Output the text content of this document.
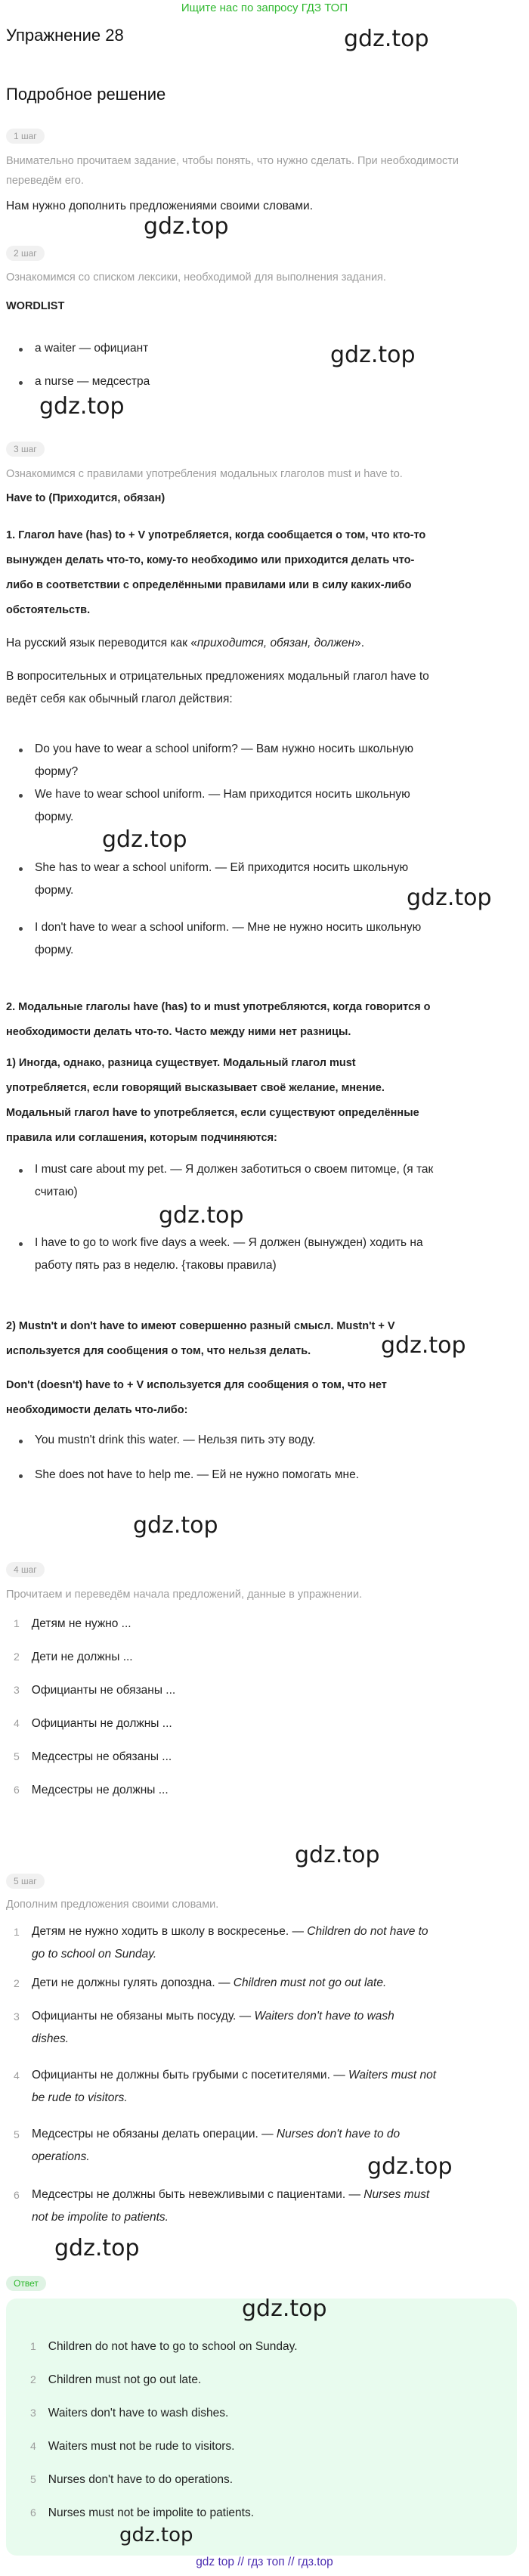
Ищите нас по запросу ГДЗ ТОП
Упражнение 28	gdz.top
Подробное решение
1 шаг
Внимательно прочитаем задание, чтобы понять, что нужно сделать. При необходимости
переведём его.
Нам нужно дополнить предложениями своими словами.
gdz.top
2 шаг
Ознакомимся со списком лексики, необходимой для выполнения задания.
WORDLIST
gdz.top
a waiter — официант
a nurse — медсестра
gdz.top
3 шаг
Ознакомимся с правилами употребления модальных глаголов must и have to.
Have to (Приходится, обязан)
1. Глагол have (has) to + V употребляется, когда сообщается о том, что кто-то
вынужден делать что-то, кому-то необходимо или приходится делать что-
либо в соответствии с определёнными правилами или в силу каких-либо
обстоятельств.
На русский язык переводится как «приходится, обязан, должен».
В вопросительных и отрицательных предложениях модальный глагол have to
ведёт себя как обычный глагол действия:
Do you have to wear a school uniform? — Вам нужно носить школьную
форму?
We have to wear school uniform. — Нам приходится носить школьную
форму.
gdz.top
She has to wear a school uniform. — Ей приходится носить школьную
форму.	gdz.top
I don't have to wear a school uniform. — Мне не нужно носить школьную
форму.
2. Модальные глаголы have (has) to и must употребляются, когда говорится о
необходимости делать что-то. Часто между ними нет разницы.
1) Иногда, однако, разница существует. Модальный глагол must
употребляется, если говорящий высказывает своё желание, мнение.
Модальный глагол have to употребляется, если существуют определённые
правила или соглашения, которым подчиняются:
I must care about my pet. — Я должен заботиться о своем питомце, (я так
считаю)
gdz.top
I have to go to work five days a week. — Я должен (вынужден) ходить на
работу пять раз в неделю. {таковы правила)
2) Mustn't и don't have to имеют совершенно разный смысл. Mustn't + V
используется для сообщения о том, что нельзя делать.	gdz.top
Don't (doesn't) have to + V используется для сообщения о том, что нет
необходимости делать что-либо:
You mustn't drink this water. — Нельзя пить эту воду.
She does not have to help me. — Ей не нужно помогать мне.
gdz.top
4 шаг
Прочитаем и переведём начала предложений, данные в упражнении.
1 Детям не нужно ...
2 Дети не должны ...
3 Официанты не обязаны ...
4 Официанты не должны ...
5 Медсестры не обязаны ...
6 Медсестры не должны ...
gdz.top
5 шаг
Дополним предложения своими словами.
1	Детям не нужно ходить в школу в воскресенье. — Children do not have to
go to school on Sunday.
2	Дети не должны гулять допоздна. — Children must not go out late.
3	Официанты не обязаны мыть посуду. — Waiters don't have to wash
dishes.
4	Официанты не должны быть грубыми с посетителями. — Waiters must not
be rude to visitors.
5	Медсестры не обязаны делать операции. — Nurses don't have to do
operations.	gdz.top
6	Медсестры не должны быть невежливыми с пациентами. — Nurses must
not be impolite to patients.
gdz.top
Ответ
gdz.top
1 Children do not have to go to school on Sunday.
2 Children must not go out late.
3 Waiters don't have to wash dishes.
4 Waiters must not be rude to visitors.
5 Nurses don't have to do operations.
6 Nurses must not be impolite to patients.
gdz.top
gdz top // гдз топ // гдз.top
